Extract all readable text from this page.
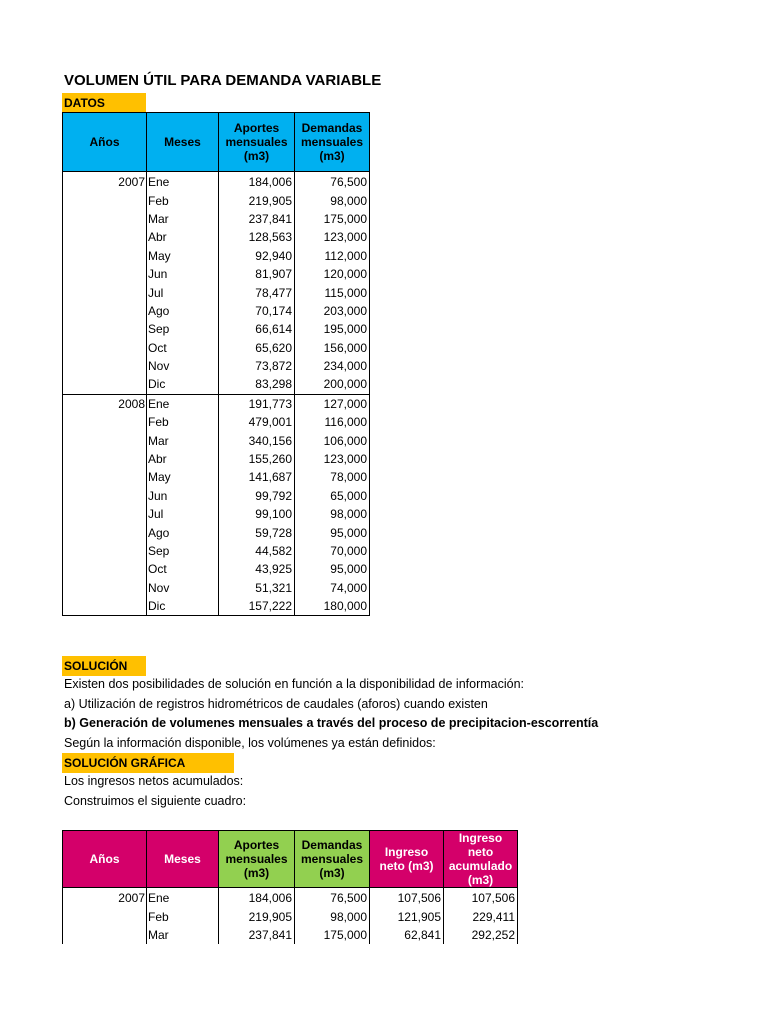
VOLUMEN ÚTIL PARA DEMANDA VARIABLE
DATOS
Años	Meses	Aportes mensuales (m3)	Demandas mensuales (m3)
2007	Ene	184,006	76,500
	Feb	219,905	98,000
	Mar	237,841	175,000
	Abr	128,563	123,000
	May	92,940	112,000
	Jun	81,907	120,000
	Jul	78,477	115,000
	Ago	70,174	203,000
	Sep	66,614	195,000
	Oct	65,620	156,000
	Nov	73,872	234,000
	Dic	83,298	200,000
2008	Ene	191,773	127,000
	Feb	479,001	116,000
	Mar	340,156	106,000
	Abr	155,260	123,000
	May	141,687	78,000
	Jun	99,792	65,000
	Jul	99,100	98,000
	Ago	59,728	95,000
	Sep	44,582	70,000
	Oct	43,925	95,000
	Nov	51,321	74,000
	Dic	157,222	180,000
SOLUCIÓN
Existen dos posibilidades de solución en función a la disponibilidad de información:
a) Utilización de registros hidrométricos de caudales (aforos) cuando existen
b) Generación de volumenes mensuales a través del proceso de precipitacion-escorrentía
Según la información disponible, los volúmenes ya están definidos:
SOLUCIÓN GRÁFICA
Los ingresos netos acumulados:
Construimos el siguiente cuadro:
Años	Meses	Aportes mensuales (m3)	Demandas mensuales (m3)	Ingreso neto (m3)	Ingreso neto acumulado (m3)
2007	Ene	184,006	76,500	107,506	107,506
	Feb	219,905	98,000	121,905	229,411
	Mar	237,841	175,000	62,841	292,252
